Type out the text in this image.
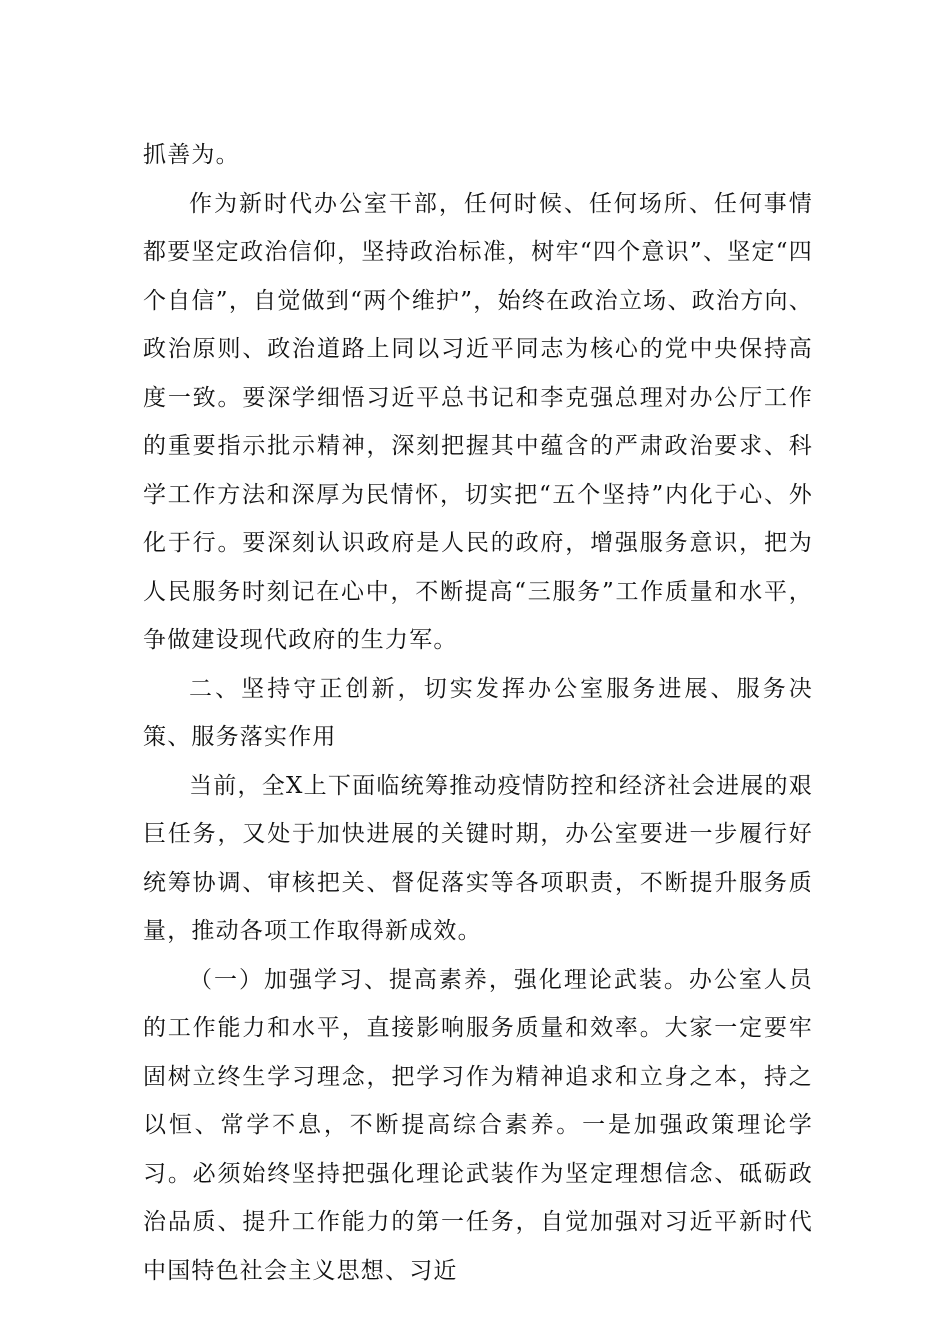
抓善为。

作为新时代办公室干部，任何时候、任何场所、任何事情都要坚定政治信仰，坚持政治标准，树牢“四个意识”、坚定“四个自信”，自觉做到“两个维护”，始终在政治立场、政治方向、政治原则、政治道路上同以习近平同志为核心的党中央保持高度一致。要深学细悟习近平总书记和李克强总理对办公厅工作的重要指示批示精神，深刻把握其中蕴含的严肃政治要求、科学工作方法和深厚为民情怀，切实把“五个坚持”内化于心、外化于行。要深刻认识政府是人民的政府，增强服务意识，把为人民服务时刻记在心中，不断提高“三服务”工作质量和水平，争做建设现代政府的生力军。

二、坚持守正创新，切实发挥办公室服务进展、服务决策、服务落实作用

当前，全X上下面临统筹推动疫情防控和经济社会进展的艰巨任务，又处于加快进展的关键时期，办公室要进一步履行好统筹协调、审核把关、督促落实等各项职责，不断提升服务质量，推动各项工作取得新成效。

（一）加强学习、提高素养，强化理论武装。办公室人员的工作能力和水平，直接影响服务质量和效率。大家一定要牢固树立终生学习理念，把学习作为精神追求和立身之本，持之以恒、常学不息，不断提高综合素养。一是加强政策理论学习。必须始终坚持把强化理论武装作为坚定理想信念、砥砺政治品质、提升工作能力的第一任务，自觉加强对习近平新时代中国特色社会主义思想、习近
